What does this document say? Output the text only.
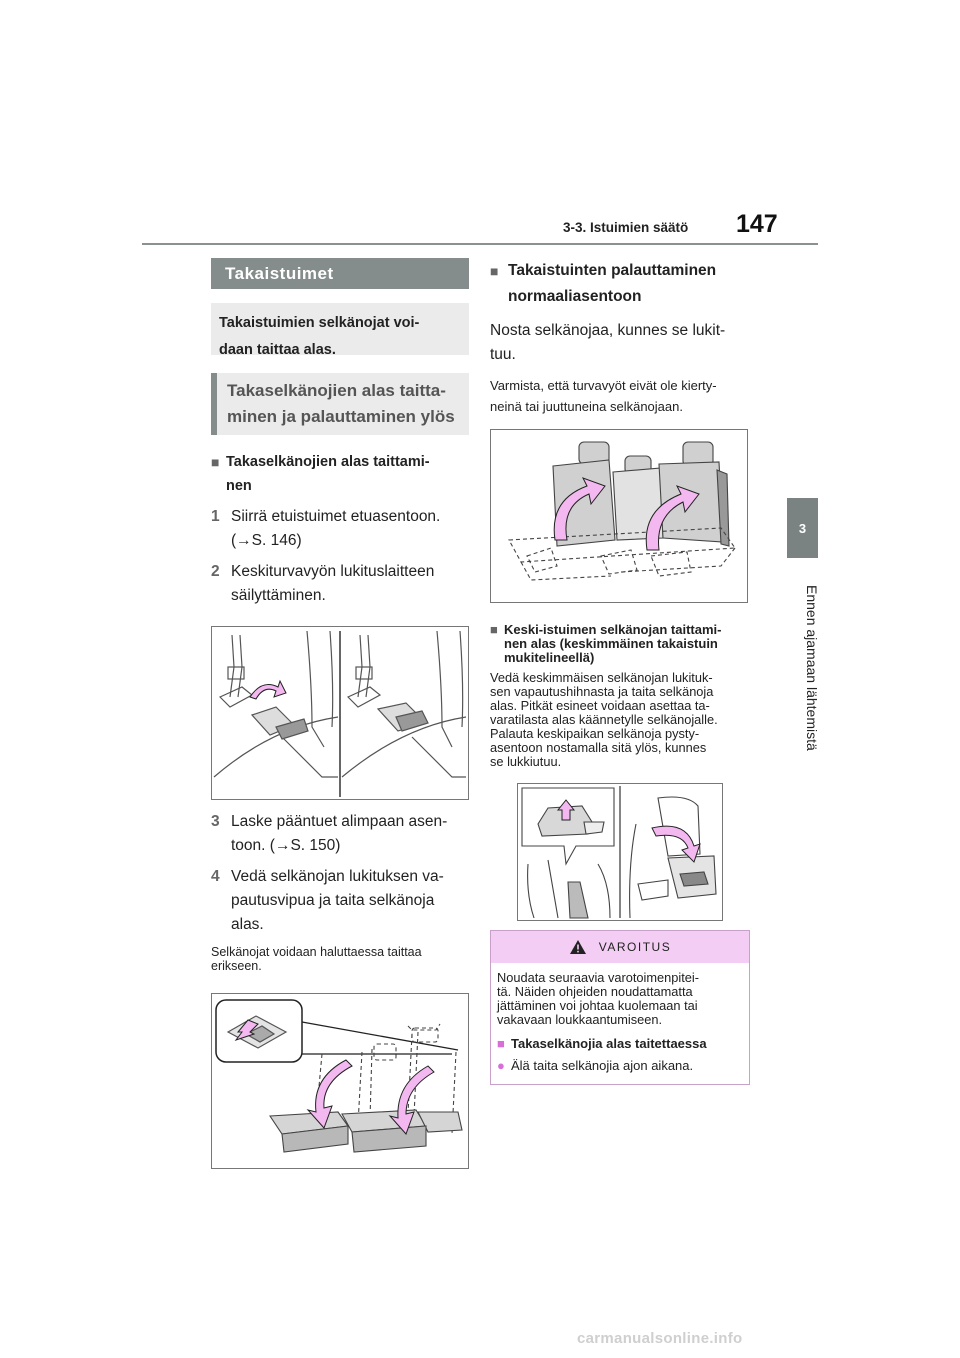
3-3. Istuimien säätö 147
3
Ennen ajamaan lähtemistä
Takaistuimet
Takaistuimien selkänojat voi-
daan taittaa alas.
Takaselkänojien alas taitta-
minen ja palauttaminen ylös
■ Takaselkänojien alas taittami-
nen
1 Siirrä etuistuimet etuasentoon.
(→S. 146)
2 Keskiturvavyön lukituslaitteen
säilyttäminen.
3 Laske pääntuet alimpaan asen-
toon. (→S. 150)
4 Vedä selkänojan lukituksen va-
pautusvipua ja taita selkänoja
alas.
Selkänojat voidaan haluttaessa taittaa
erikseen.
■ Takaistuinten palauttaminen
normaaliasentoon
Nosta selkänojaa, kunnes se lukit-
tuu.
Varmista, että turvavyöt eivät ole kierty-
neinä tai juuttuneina selkänojaan.
■ Keski-istuimen selkänojan taittami-
nen alas (keskimmäinen takaistuin
mukitelineellä)
Vedä keskimmäisen selkänojan lukituk-
sen vapautushihnasta ja taita selkänoja
alas. Pitkät esineet voidaan asettaa ta-
varatilasta alas käännetylle selkänojalle.
Palauta keskipaikan selkänoja pysty-
asentoon nostamalla sitä ylös, kunnes
se lukkiutuu.
VAROITUS
Noudata seuraavia varotoimenpitei-
tä. Näiden ohjeiden noudattamatta
jättäminen voi johtaa kuolemaan tai
vakavaan loukkaantumiseen.
■ Takaselkänojia alas taitettaessa
● Älä taita selkänojia ajon aikana.
carmanualsonline.info
